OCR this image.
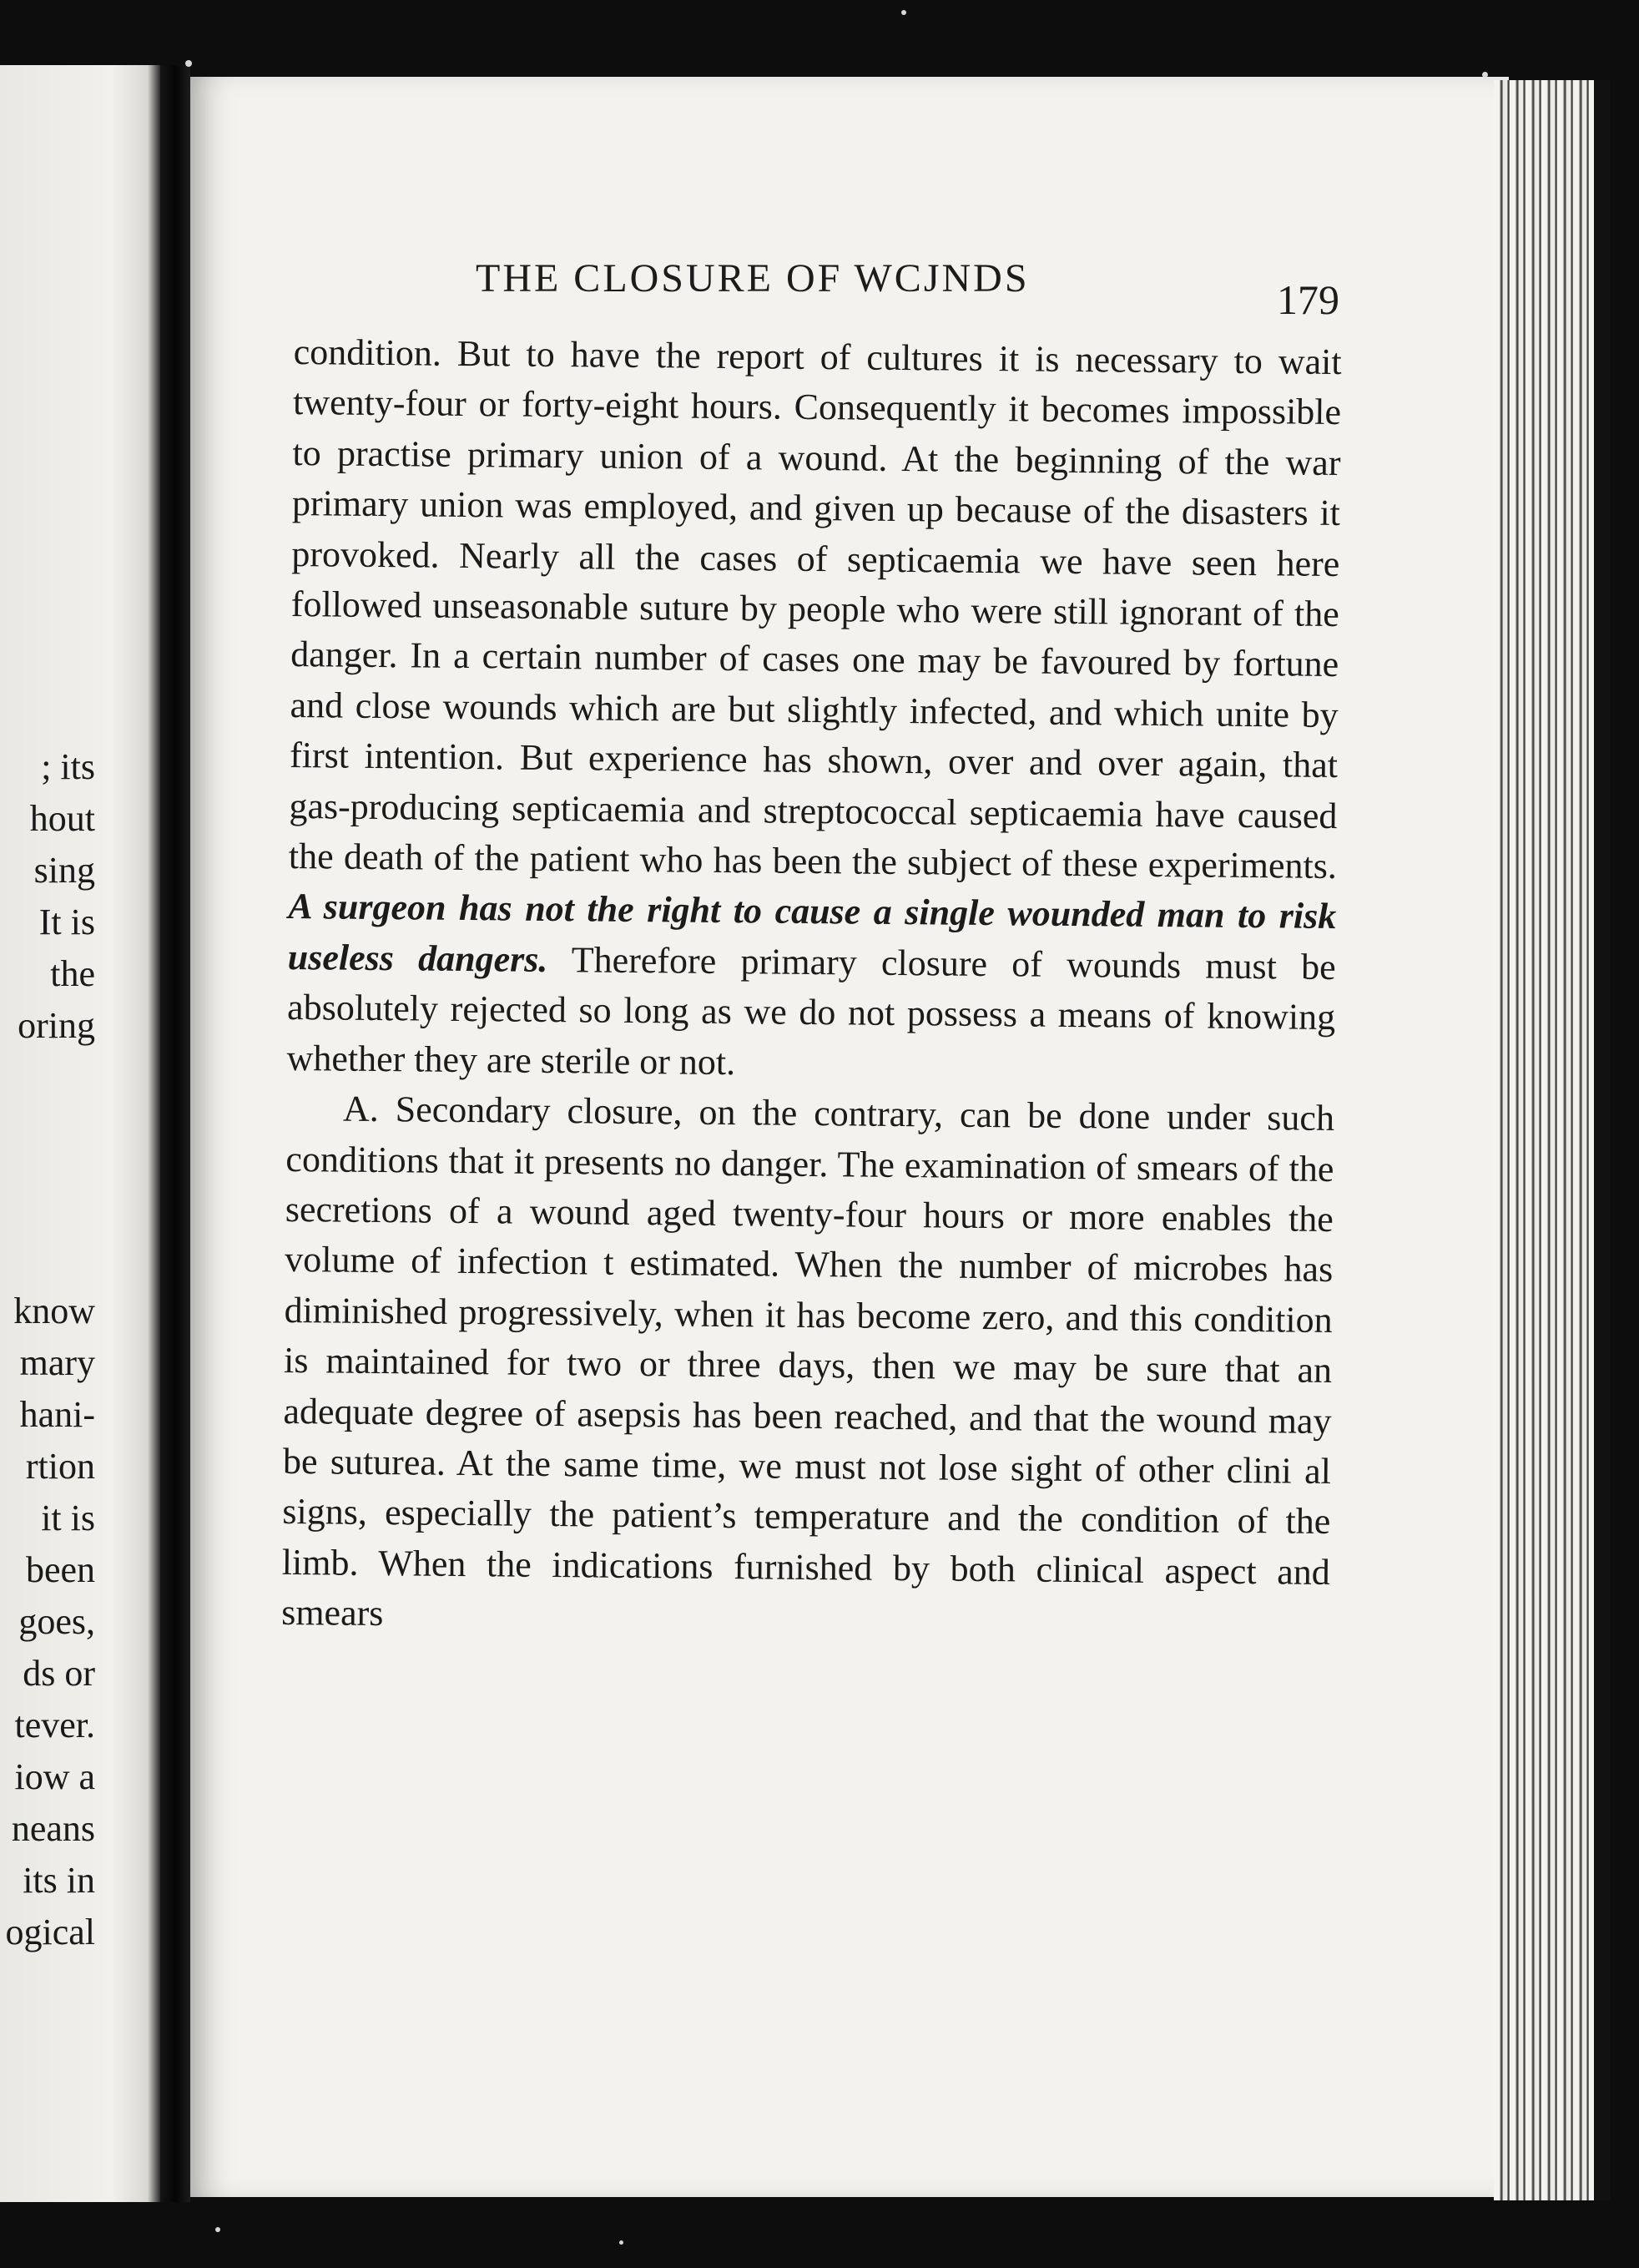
; its
hout
sing
It is
the
oring
know
mary
hani-
rtion
it is
been
goes,
ds or
tever.
iow a
neans
its in
ogical
THE CLOSURE OF WCJNDS	179

condition. But to have the report of cultures it is necessary to wait twenty-four or forty-eight hours. Consequently it becomes impossible to practise primary union of a wound. At the beginning of the war primary union was employed, and given up because of the disasters it provoked. Nearly all the cases of septicaemia we have seen here followed unseasonable suture by people who were still ignorant of the danger. In a certain number of cases one may be favoured by fortune and close wounds which are but slightly infected, and which unite by first intention. But experience has shown, over and over again, that gas-producing septicaemia and streptococcal septicaemia have caused the death of the patient who has been the subject of these experiments. A surgeon has not the right to cause a single wounded man to risk useless dangers. Therefore primary closure of wounds must be absolutely rejected so long as we do not possess a means of knowing whether they are sterile or not.

A. Secondary closure, on the contrary, can be done under such conditions that it presents no danger. The examination of smears of the secretions of a wound aged twenty-four hours or more enables the volume of infection t estimated. When the number of microbes has diminished progressively, when it has become zero, and this condition is maintained for two or three days, then we may be sure that an adequate degree of asepsis has been reached, and that the wound may be suturea. At the same time, we must not lose sight of other clini al signs, especially the patient’s temperature and the condition of the limb. When the indications furnished by both clinical aspect and smears
